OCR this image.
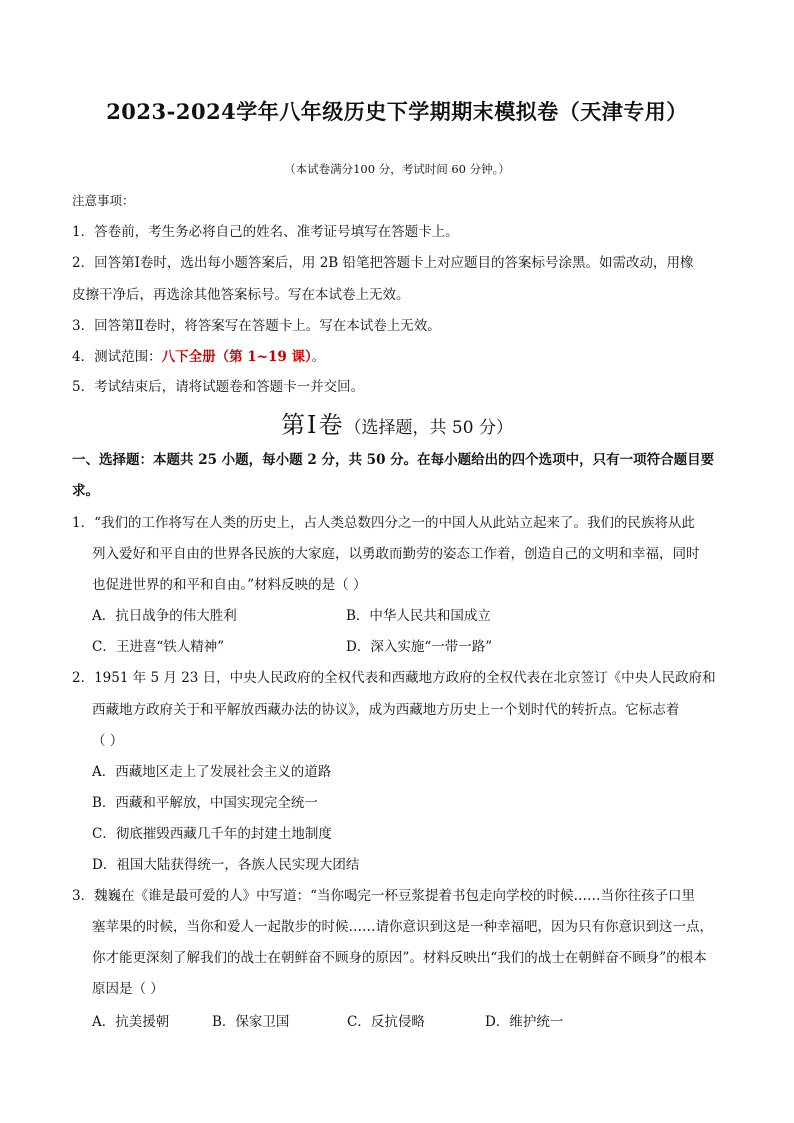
2023-2024学年八年级历史下学期期末模拟卷（天津专用）
（本试卷满分100 分，考试时间 60 分钟。）
注意事项：
1．答卷前，考生务必将自己的姓名、准考证号填写在答题卡上。
2．回答第Ⅰ卷时，选出每小题答案后，用 2B 铅笔把答题卡上对应题目的答案标号涂黑。如需改动，用橡
皮擦干净后，再选涂其他答案标号。写在本试卷上无效。
3．回答第Ⅱ卷时，将答案写在答题卡上。写在本试卷上无效。
4．测试范围：八下全册（第 1~19 课）。
5．考试结束后，请将试题卷和答题卡一并交回。
第Ⅰ卷（选择题，共 50 分）
一、选择题：本题共 25 小题，每小题 2 分，共 50 分。在每小题给出的四个选项中，只有一项符合题目要
求。
1．“我们的工作将写在人类的历史上，占人类总数四分之一的中国人从此站立起来了。我们的民族将从此
列入爱好和平自由的世界各民族的大家庭，以勇敢而勤劳的姿态工作着，创造自己的文明和幸福，同时
也促进世界的和平和自由。”材料反映的是（ ）
A．抗日战争的伟大胜利	B．中华人民共和国成立
C．王进喜“铁人精神”	D．深入实施“一带一路”
2．1951 年 5 月 23 日，中央人民政府的全权代表和西藏地方政府的全权代表在北京签订《中央人民政府和
西藏地方政府关于和平解放西藏办法的协议》，成为西藏地方历史上一个划时代的转折点。它标志着
（ ）
A．西藏地区走上了发展社会主义的道路
B．西藏和平解放，中国实现完全统一
C．彻底摧毁西藏几千年的封建土地制度
D．祖国大陆获得统一，各族人民实现大团结
3．魏巍在《谁是最可爱的人》中写道：“当你喝完一杯豆浆提着书包走向学校的时候……当你往孩子口里
塞苹果的时候，当你和爱人一起散步的时候……请你意识到这是一种幸福吧，因为只有你意识到这一点，
你才能更深刻了解我们的战士在朝鲜奋不顾身的原因”。材料反映出“我们的战士在朝鲜奋不顾身”的根本
原因是（ ）
A．抗美援朝	B．保家卫国	C．反抗侵略	D．维护统一
